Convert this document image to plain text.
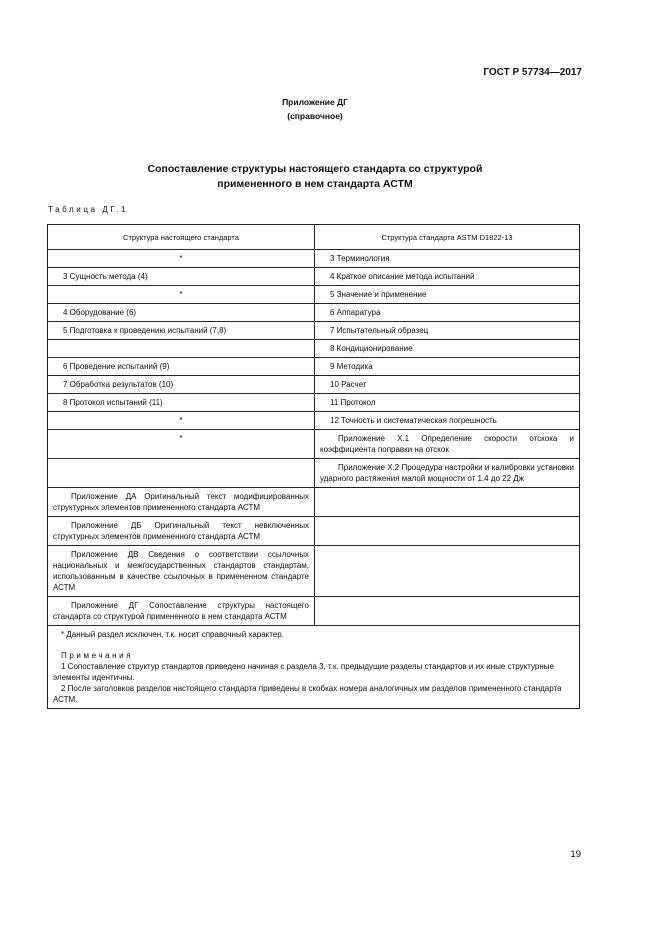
ГОСТ Р 57734—2017
Приложение ДГ
(справочное)
Сопоставление структуры настоящего стандарта со структурой
примененного в нем стандарта АСТМ
Таблица ДГ.1
Структура настоящего стандарта	Структура стандарта ASTM D1822-13
*	3 Терминология
3 Сущность метода (4)	4 Краткое описание метода испытаний
*	5 Значение и применение
4 Оборудование (6)	6 Аппаратура
5 Подготовка к проведению испытаний (7,8)	7 Испытательный образец
	8 Кондиционирование
6 Проведение испытаний (9)	9 Методика
7 Обработка результатов (10)	10 Расчет
8 Протокол испытаний (11)	11 Протокол
*	12 Точность и систематическая погрешность
*	Приложение Х.1 Определение скорости отскока и коэффициента поправки на отскок
	Приложение Х.2 Процедура настройки и калибровки установки ударного растяжения малой мощности от 1,4 до 22 Дж
Приложение ДА Оригинальный текст модифицированных структурных элементов примененного стандарта АСТМ	
Приложение ДБ Оригинальный текст невключенных структурных элементов примененного стандарта АСТМ	
Приложение ДВ Сведения о соответствии ссылочных национальных и межгосударственных стандартов стандартам, использованным в качестве ссылочных в примененном стандарте АСТМ	
Приложение ДГ Сопоставление структуры настоящего стандарта со структурой примененного в нем стандарта АСТМ	

* Данный раздел исключен, т.к. носит справочный характер.

Примечания

1 Сопоставление структур стандартов приведено начиная с раздела 3, т.к. предыдущие разделы стандартов и их иные структурные элементы идентичны.

2 После заголовков разделов настоящего стандарта приведены в скобках номера аналогичных им разделов примененного стандарта АСТМ.	

19
